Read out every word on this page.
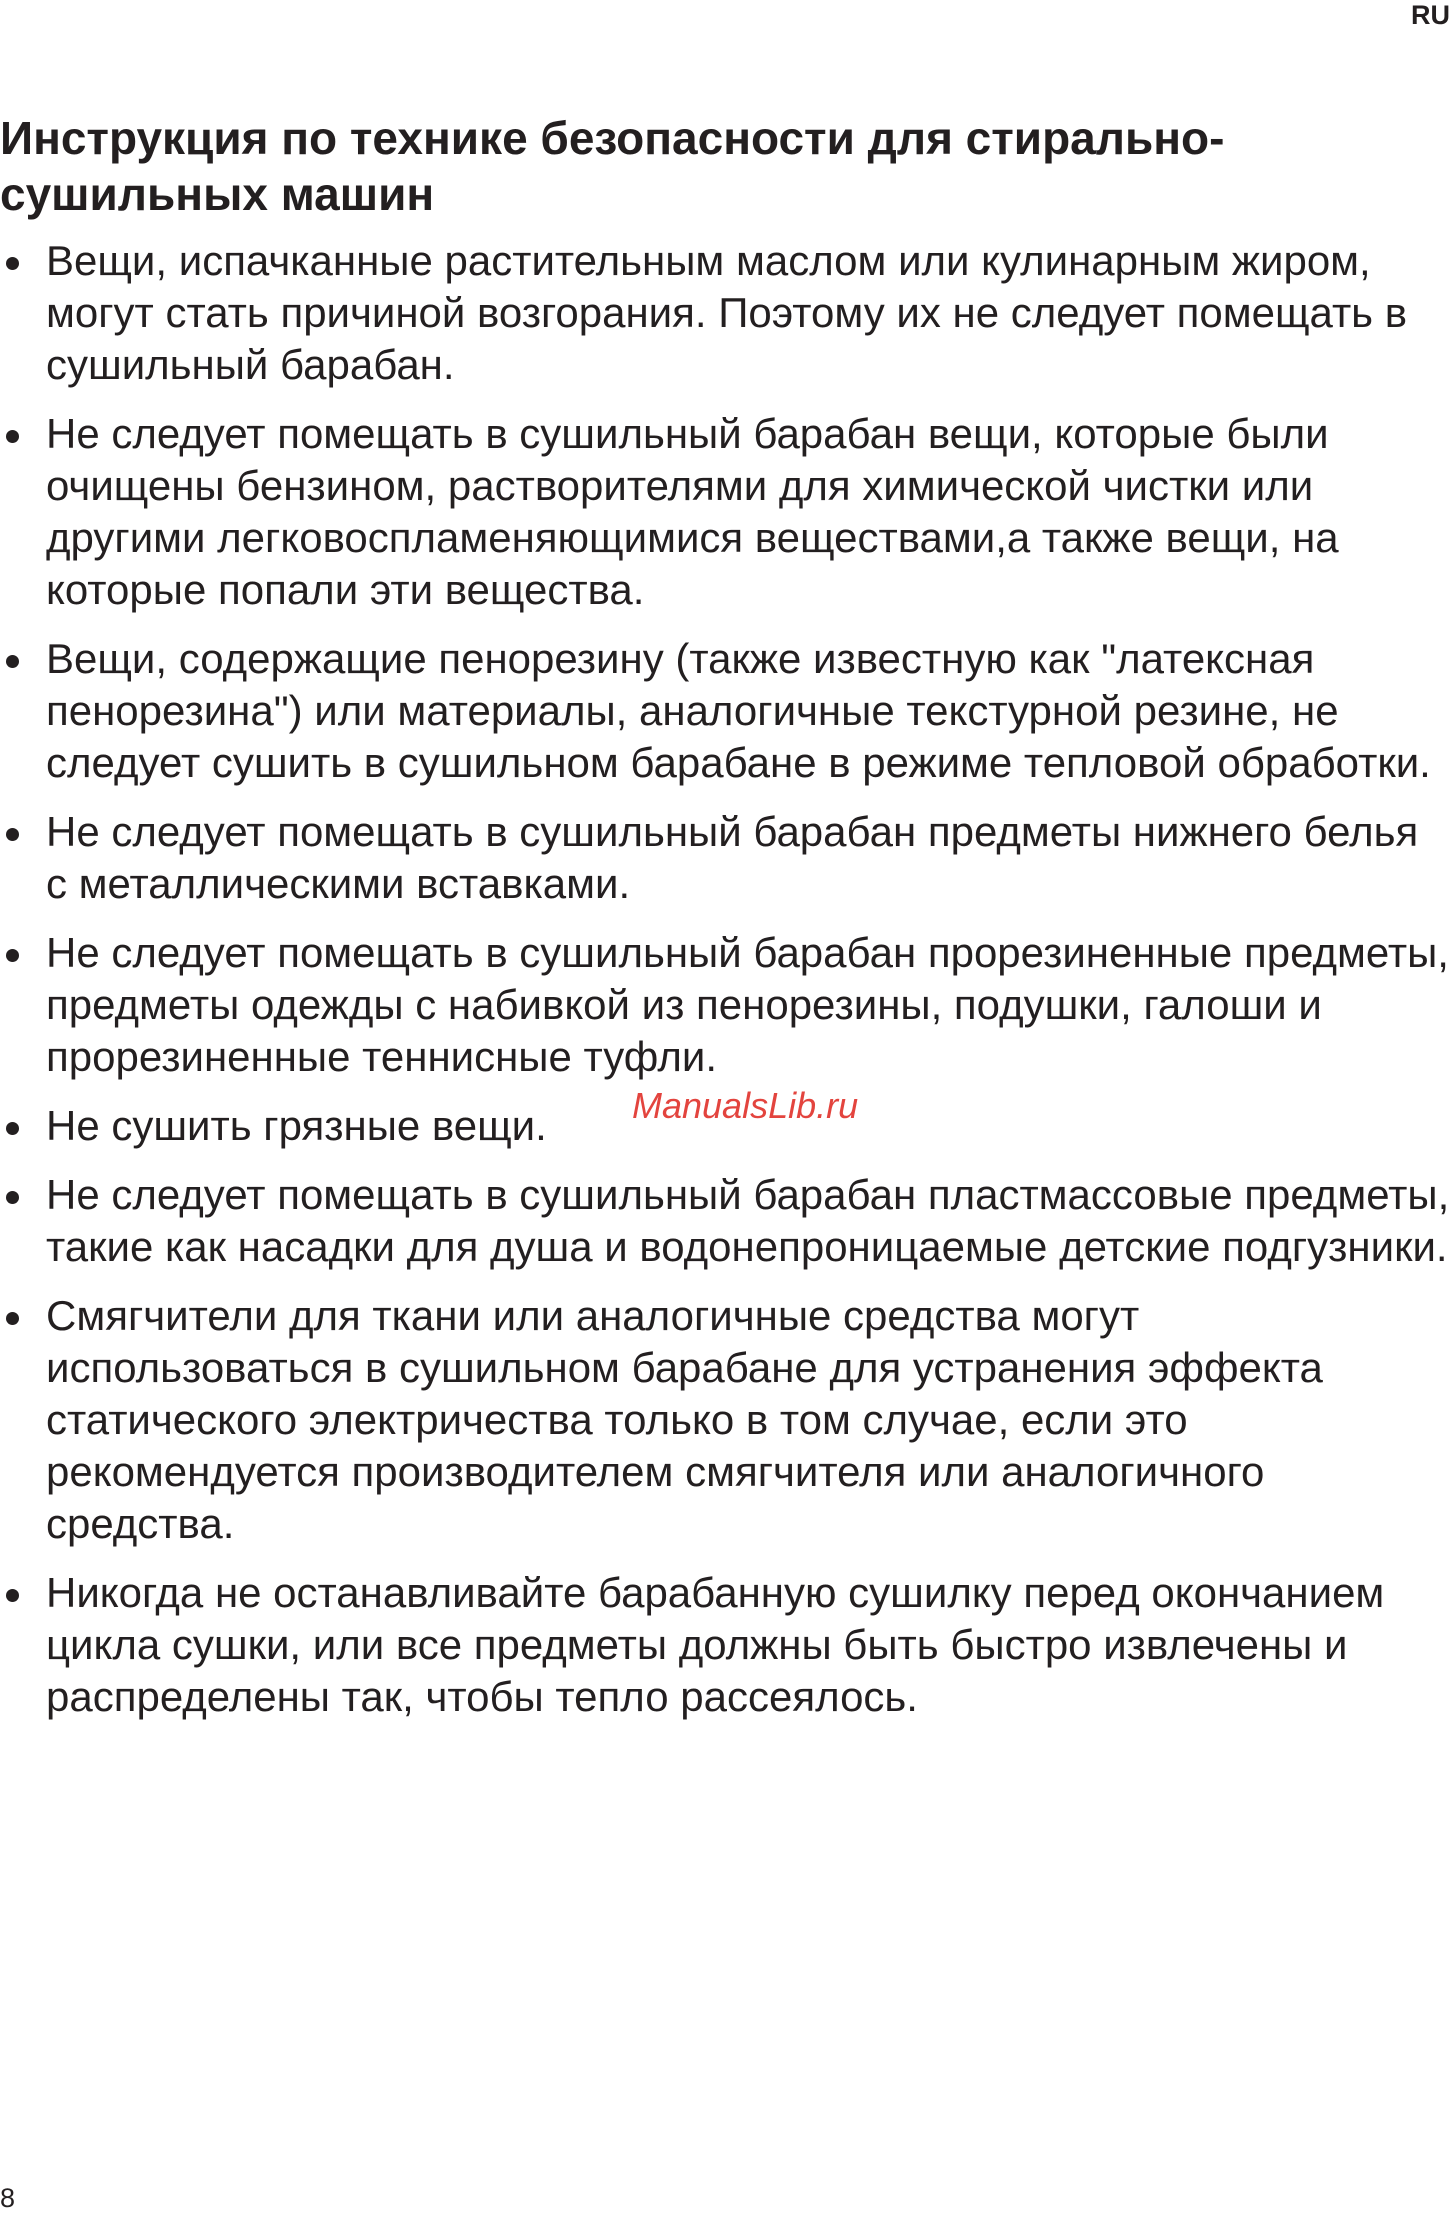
RU
Инструкция по технике безопасности для стирально-сушильных машин
Вещи, испачканные растительным маслом или кулинарным жиром, могут стать причиной возгорания. Поэтому их не следует помещать в сушильный барабан.
Не следует помещать в сушильный барабан вещи, которые были очищены бензином, растворителями для химической чистки или другими легковоспламеняющимися веществами,а также вещи, на которые попали эти вещества.
Вещи, содержащие пенорезину (также известную как "латексная пенорезина") или материалы, аналогичные текстурной резине, не следует сушить в сушильном барабане в режиме тепловой обработки.
Не следует помещать в сушильный барабан предметы нижнего белья с металлическими вставками.
Не следует помещать в сушильный барабан прорезиненные предметы, предметы одежды с набивкой из пенорезины, подушки, галоши и прорезиненные теннисные туфли.
Не сушить грязные вещи.
Не следует помещать в сушильный барабан пластмассовые предметы, такие как насадки для душа и водонепроницаемые детские подгузники.
Смягчители для ткани или аналогичные средства могут использоваться в сушильном барабане для устранения эффекта статического электричества только в том случае, если это рекомендуется производителем смягчителя или аналогичного средства.
Никогда не останавливайте барабанную сушилку перед окончанием цикла сушки, или все предметы должны быть быстро извлечены и распределены так, чтобы тепло рассеялось.
ManualsLib.ru
8
